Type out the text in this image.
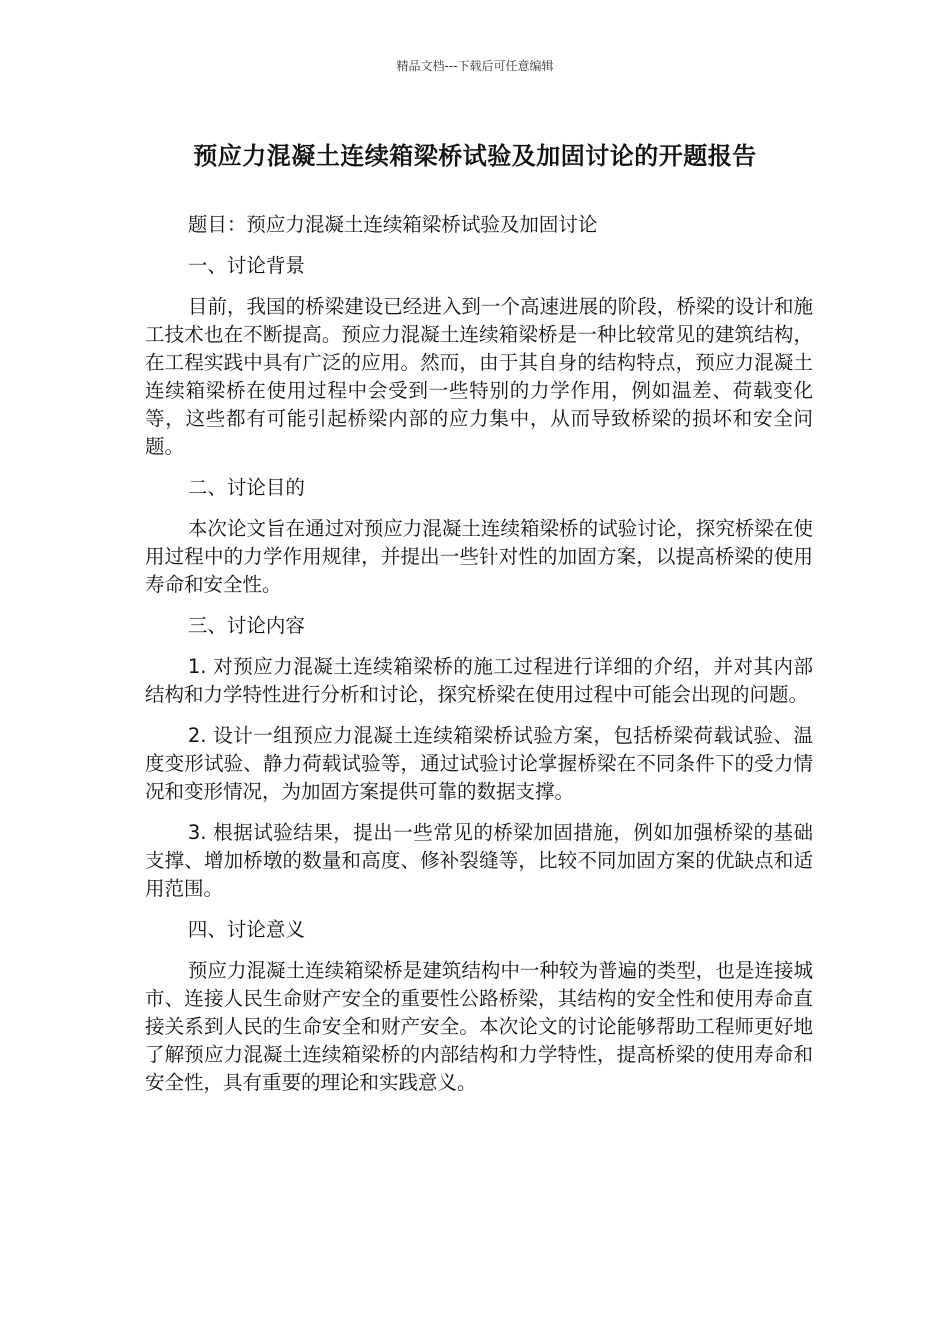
精品文档---下载后可任意编辑
预应力混凝土连续箱梁桥试验及加固讨论的开题报告

题目：预应力混凝土连续箱梁桥试验及加固讨论

一、讨论背景

目前，我国的桥梁建设已经进入到一个高速进展的阶段，桥梁的设计和施工技术也在不断提高。预应力混凝土连续箱梁桥是一种比较常见的建筑结构，在工程实践中具有广泛的应用。然而，由于其自身的结构特点，预应力混凝土连续箱梁桥在使用过程中会受到一些特别的力学作用，例如温差、荷载变化等，这些都有可能引起桥梁内部的应力集中，从而导致桥梁的损坏和安全问题。

二、讨论目的

本次论文旨在通过对预应力混凝土连续箱梁桥的试验讨论，探究桥梁在使用过程中的力学作用规律，并提出一些针对性的加固方案，以提高桥梁的使用寿命和安全性。

三、讨论内容

1. 对预应力混凝土连续箱梁桥的施工过程进行详细的介绍，并对其内部结构和力学特性进行分析和讨论，探究桥梁在使用过程中可能会出现的问题。

2. 设计一组预应力混凝土连续箱梁桥试验方案，包括桥梁荷载试验、温度变形试验、静力荷载试验等，通过试验讨论掌握桥梁在不同条件下的受力情况和变形情况，为加固方案提供可靠的数据支撑。

3. 根据试验结果，提出一些常见的桥梁加固措施，例如加强桥梁的基础支撑、增加桥墩的数量和高度、修补裂缝等，比较不同加固方案的优缺点和适用范围。

四、讨论意义

预应力混凝土连续箱梁桥是建筑结构中一种较为普遍的类型，也是连接城市、连接人民生命财产安全的重要性公路桥梁，其结构的安全性和使用寿命直接关系到人民的生命安全和财产安全。本次论文的讨论能够帮助工程师更好地了解预应力混凝土连续箱梁桥的内部结构和力学特性，提高桥梁的使用寿命和安全性，具有重要的理论和实践意义。
